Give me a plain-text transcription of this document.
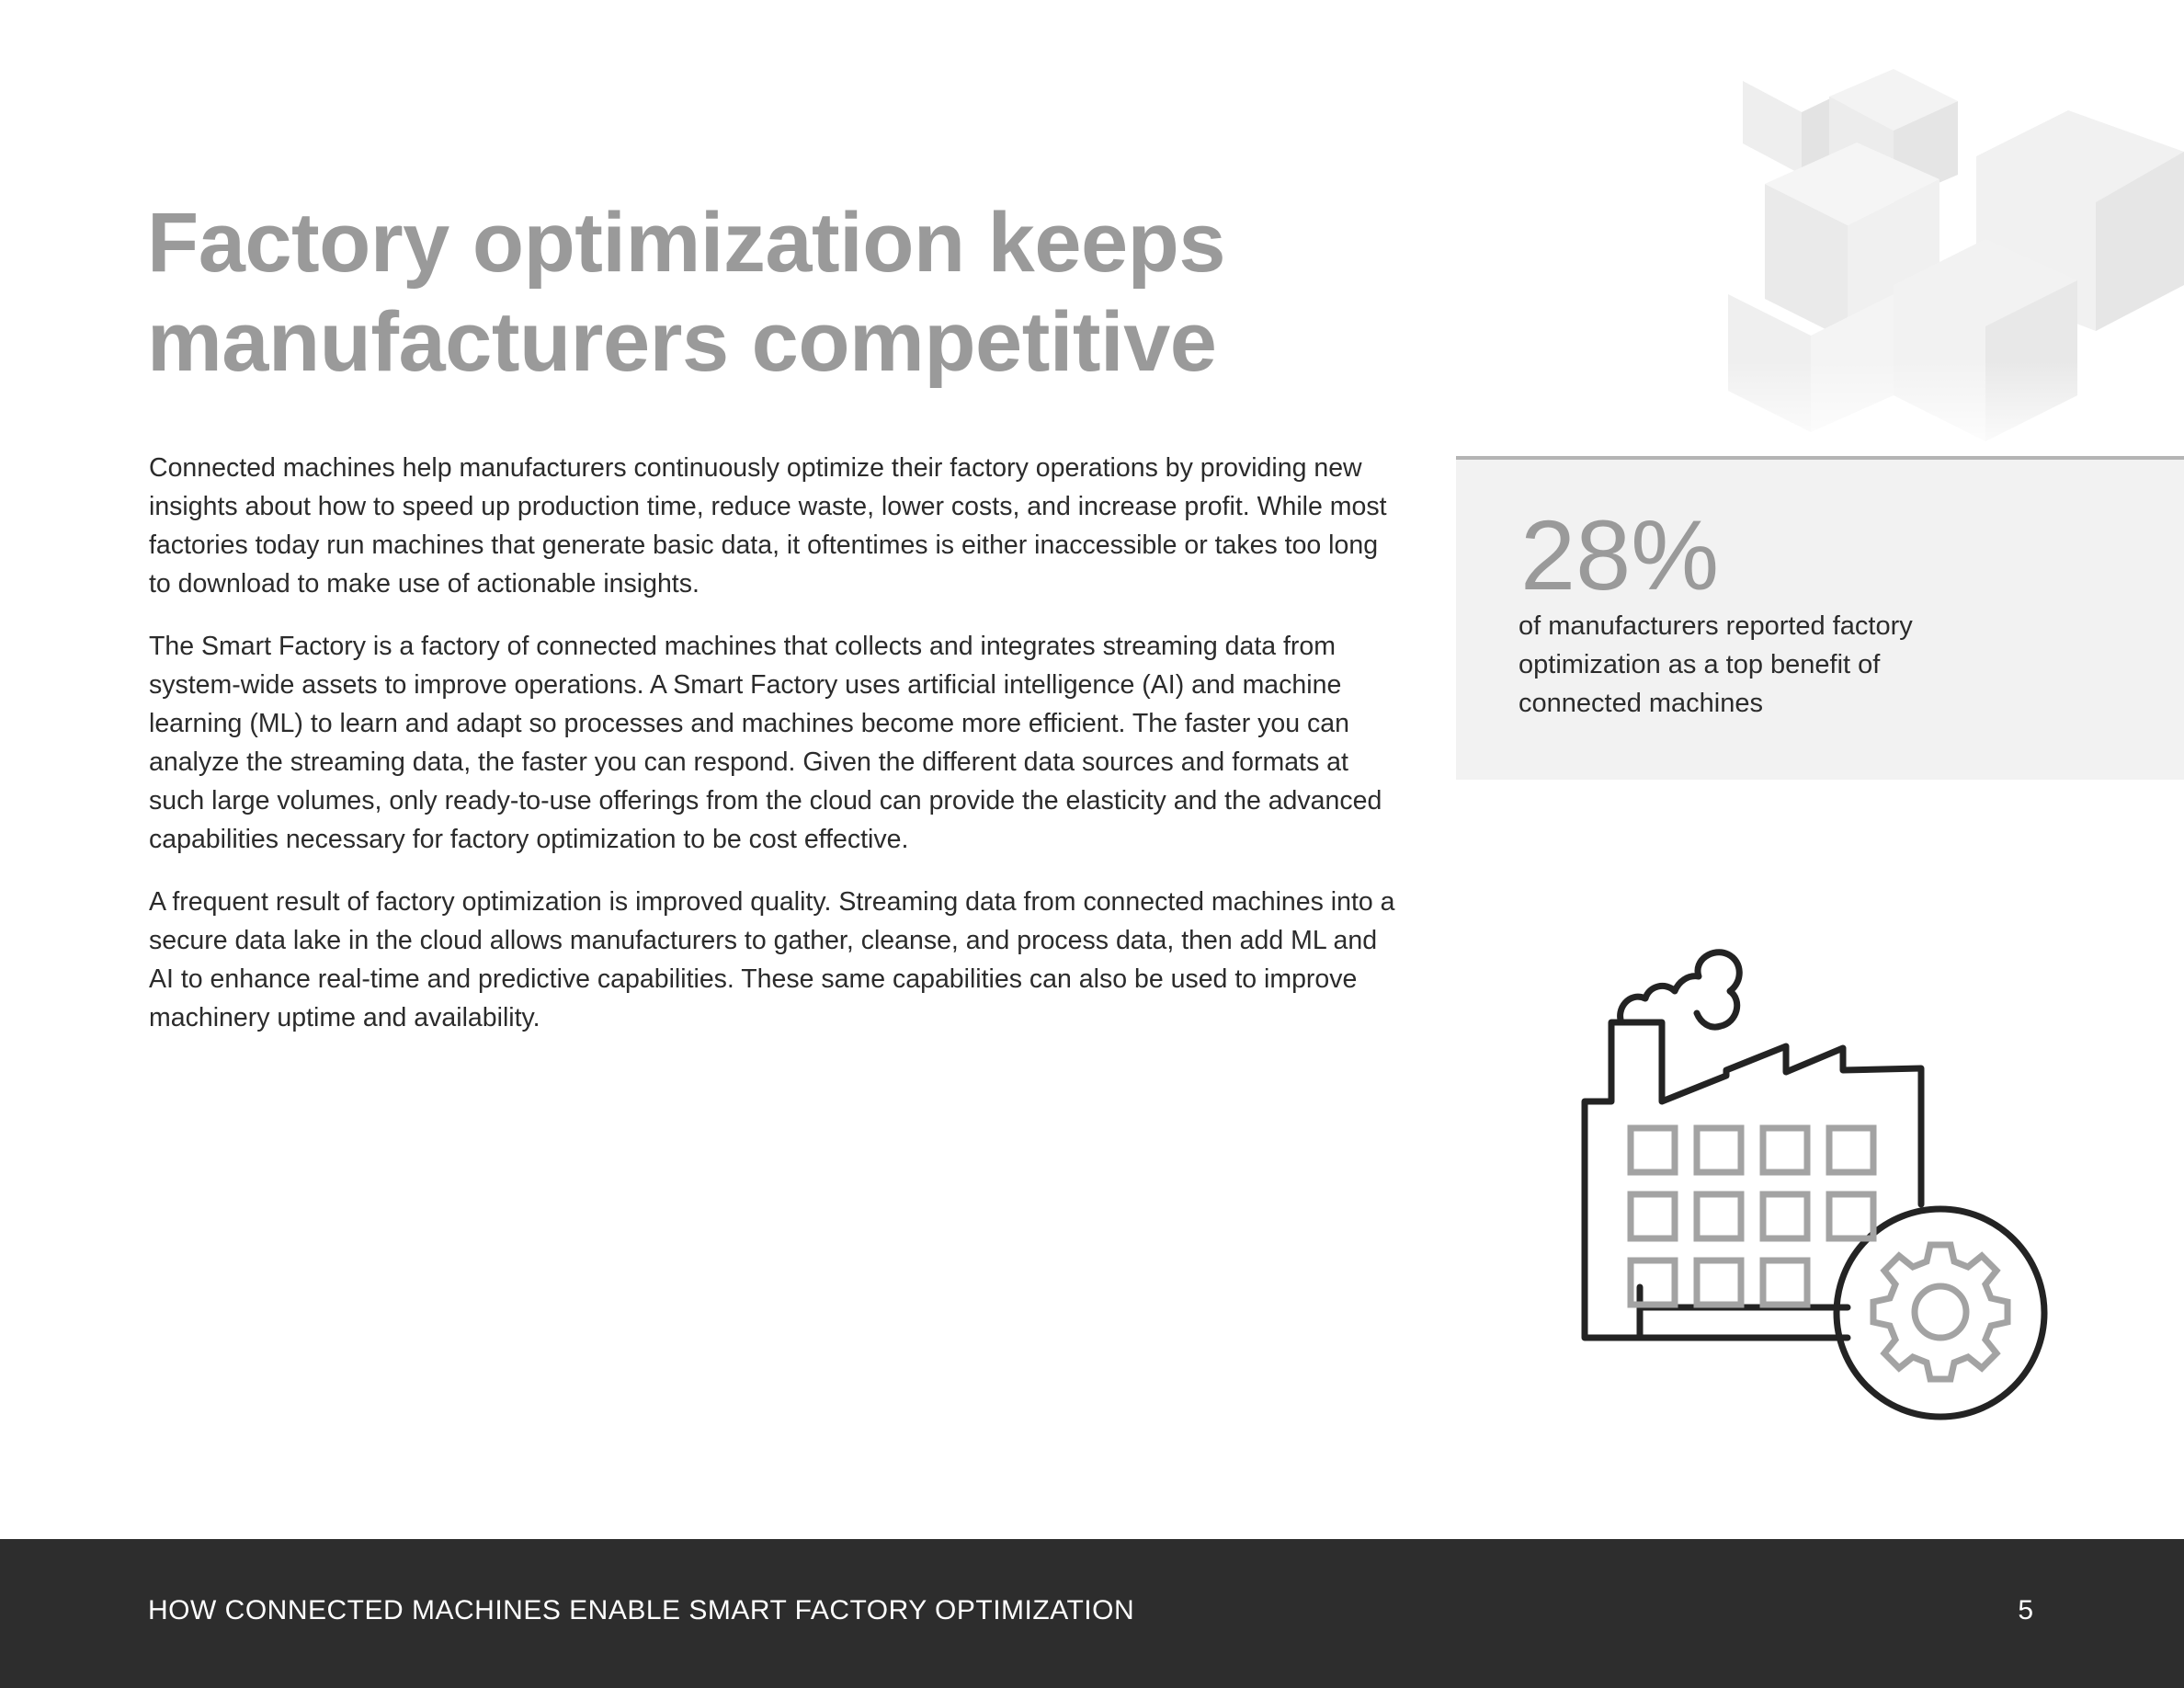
Factory optimization keeps
manufacturers competitive

Connected machines help manufacturers continuously optimize their factory operations by providing new insights about how to speed up production time, reduce waste, lower costs, and increase profit. While most factories today run machines that generate basic data, it oftentimes is either inaccessible or takes too long to download to make use of actionable insights.

The Smart Factory is a factory of connected machines that collects and integrates streaming data from system-wide assets to improve operations. A Smart Factory uses artificial intelligence (AI) and machine learning (ML) to learn and adapt so processes and machines become more efficient. The faster you can analyze the streaming data, the faster you can respond. Given the different data sources and formats at such large volumes, only ready-to-use offerings from the cloud can provide the elasticity and the advanced capabilities necessary for factory optimization to be cost effective.

A frequent result of factory optimization is improved quality. Streaming data from connected machines into a secure data lake in the cloud allows manufacturers to gather, cleanse, and process data, then add ML and AI to enhance real-time and predictive capabilities. These same capabilities can also be used to improve machinery uptime and availability.

28%
of manufacturers reported factory optimization as a top benefit of connected machines
HOW CONNECTED MACHINES ENABLE SMART FACTORY OPTIMIZATION	5
